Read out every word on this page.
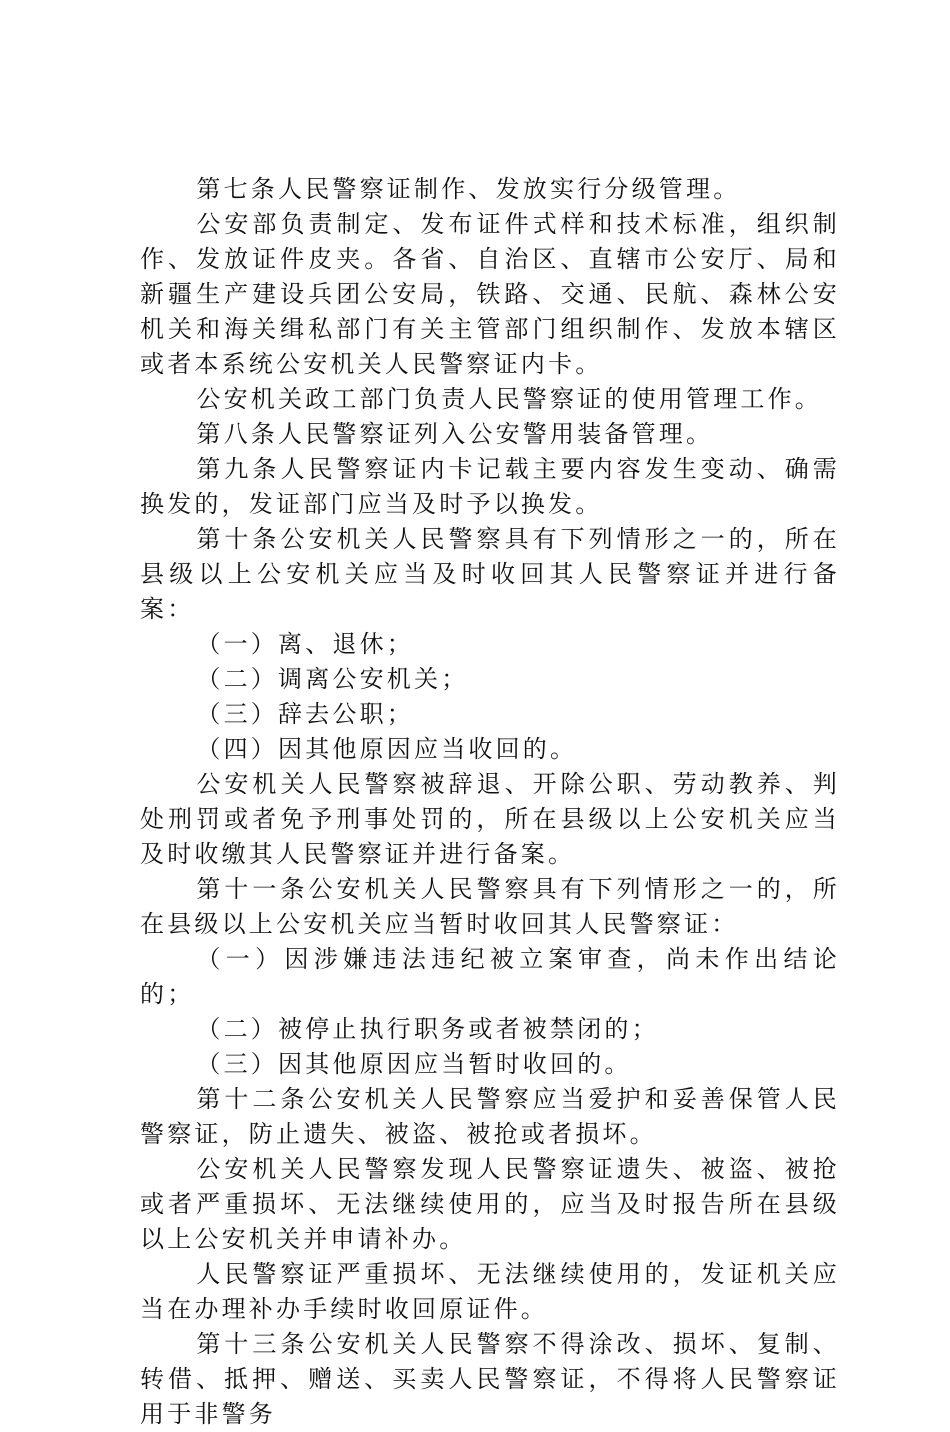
第七条人民警察证制作、发放实行分级管理。

公安部负责制定、发布证件式样和技术标准，组织制作、发放证件皮夹。各省、自治区、直辖市公安厅、局和新疆生产建设兵团公安局，铁路、交通、民航、森林公安机关和海关缉私部门有关主管部门组织制作、发放本辖区或者本系统公安机关人民警察证内卡。

公安机关政工部门负责人民警察证的使用管理工作。

第八条人民警察证列入公安警用装备管理。

第九条人民警察证内卡记载主要内容发生变动、确需换发的，发证部门应当及时予以换发。

第十条公安机关人民警察具有下列情形之一的，所在县级以上公安机关应当及时收回其人民警察证并进行备案：

（一）离、退休；

（二）调离公安机关；

（三）辞去公职；

（四）因其他原因应当收回的。

公安机关人民警察被辞退、开除公职、劳动教养、判处刑罚或者免予刑事处罚的，所在县级以上公安机关应当及时收缴其人民警察证并进行备案。

第十一条公安机关人民警察具有下列情形之一的，所在县级以上公安机关应当暂时收回其人民警察证：

（一）因涉嫌违法违纪被立案审查，尚未作出结论的；

（二）被停止执行职务或者被禁闭的；

（三）因其他原因应当暂时收回的。

第十二条公安机关人民警察应当爱护和妥善保管人民警察证，防止遗失、被盗、被抢或者损坏。

公安机关人民警察发现人民警察证遗失、被盗、被抢或者严重损坏、无法继续使用的，应当及时报告所在县级以上公安机关并申请补办。

人民警察证严重损坏、无法继续使用的，发证机关应当在办理补办手续时收回原证件。

第十三条公安机关人民警察不得涂改、损坏、复制、转借、抵押、赠送、买卖人民警察证，不得将人民警察证用于非警务
